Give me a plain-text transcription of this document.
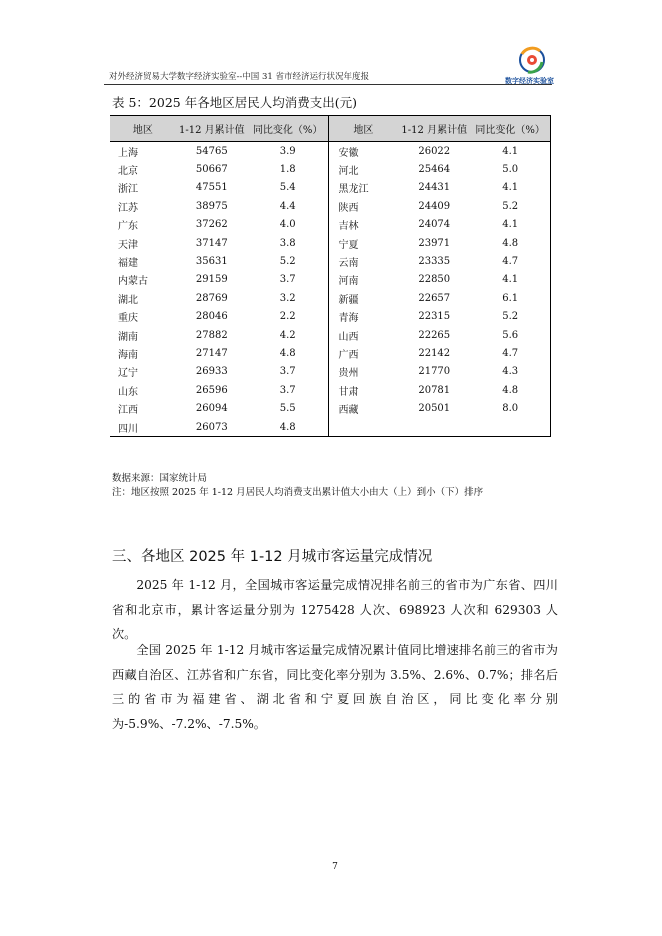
对外经济贸易大学数字经济实验室--中国 31 省市经济运行状况年度报	数字经济实验室
表 5：2025 年各地区居民人均消费支出(元)
地区	1-12 月累计值	同比变化（%）	地区	1-12 月累计值	同比变化（%）
上海	54765	3.9	安徽	26022	4.1
北京	50667	1.8	河北	25464	5.0
浙江	47551	5.4	黑龙江	24431	4.1
江苏	38975	4.4	陕西	24409	5.2
广东	37262	4.0	吉林	24074	4.1
天津	37147	3.8	宁夏	23971	4.8
福建	35631	5.2	云南	23335	4.7
内蒙古	29159	3.7	河南	22850	4.1
湖北	28769	3.2	新疆	22657	6.1
重庆	28046	2.2	青海	22315	5.2
湖南	27882	4.2	山西	22265	5.6
海南	27147	4.8	广西	22142	4.7
辽宁	26933	3.7	贵州	21770	4.3
山东	26596	3.7	甘肃	20781	4.8
江西	26094	5.5	西藏	20501	8.0
四川	26073	4.8			
数据来源：国家统计局
注：地区按照 2025 年 1-12 月居民人均消费支出累计值大小由大（上）到小（下）排序
三、各地区 2025 年 1-12 月城市客运量完成情况
2025 年 1-12 月，全国城市客运量完成情况排名前三的省市为广东省、四川省和北京市，累计客运量分别为 1275428 人次、698923 人次和 629303 人次。
全国 2025 年 1-12 月城市客运量完成情况累计值同比增速排名前三的省市为西藏自治区、江苏省和广东省，同比变化率分别为 3.5%、2.6%、0.7%；排名后三的省市为福建省、湖北省和宁夏回族自治区，同比变化率分别为-5.9%、-7.2%、-7.5%。
7
